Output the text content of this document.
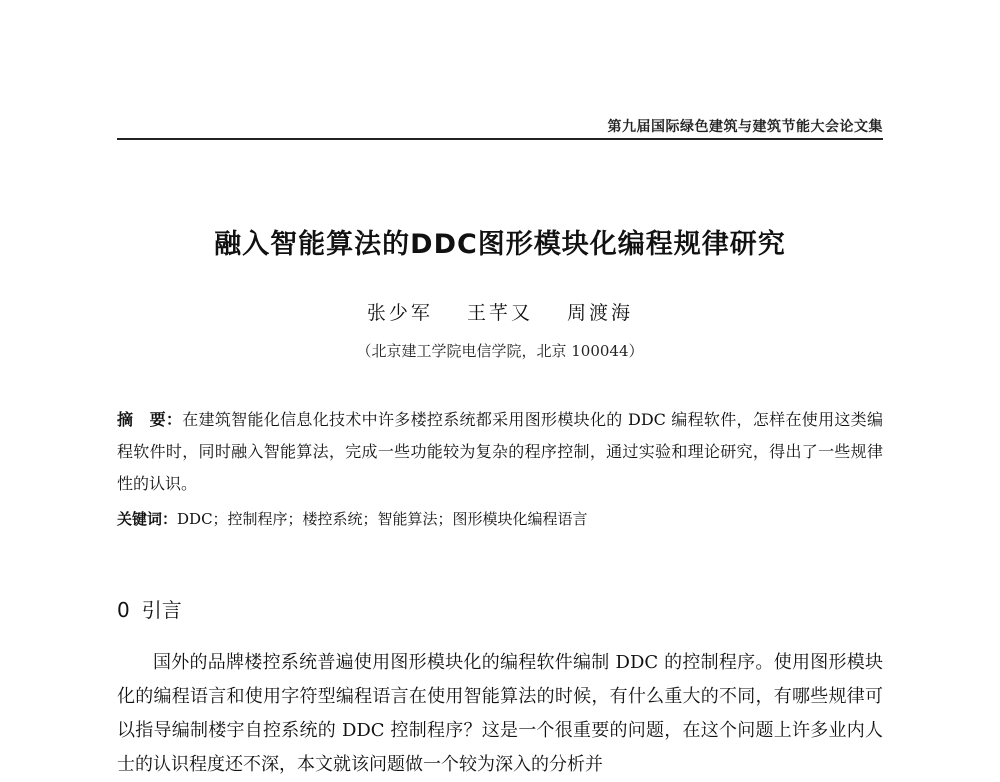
第九届国际绿色建筑与建筑节能大会论文集
融入智能算法的DDC图形模块化编程规律研究
张少军 王芊又 周渡海
（北京建工学院电信学院，北京 100044）
摘　要：在建筑智能化信息化技术中许多楼控系统都采用图形模块化的 DDC 编程软件，怎样在使用这类编程软件时，同时融入智能算法，完成一些功能较为复杂的程序控制，通过实验和理论研究，得出了一些规律性的认识。
关键词：DDC；控制程序；楼控系统；智能算法；图形模块化编程语言
0 引言
国外的品牌楼控系统普遍使用图形模块化的编程软件编制 DDC 的控制程序。使用图形模块化的编程语言和使用字符型编程语言在使用智能算法的时候，有什么重大的不同，有哪些规律可以指导编制楼宇自控系统的 DDC 控制程序？这是一个很重要的问题，在这个问题上许多业内人士的认识程度还不深，本文就该问题做一个较为深入的分析并
